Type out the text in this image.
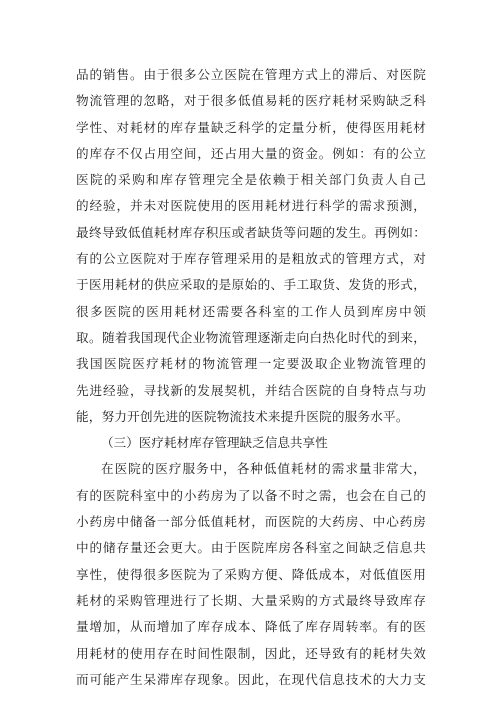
品的销售。由于很多公立医院在管理方式上的滞后、对医院
物流管理的忽略，对于很多低值易耗的医疗耗材采购缺乏科
学性、对耗材的库存量缺乏科学的定量分析，使得医用耗材
的库存不仅占用空间，还占用大量的资金。例如：有的公立
医院的采购和库存管理完全是依赖于相关部门负责人自己
的经验，并未对医院使用的医用耗材进行科学的需求预测，
最终导致低值耗材库存积压或者缺货等问题的发生。再例如：
有的公立医院对于库存管理采用的是粗放式的管理方式，对
于医用耗材的供应采取的是原始的、手工取货、发货的形式，
很多医院的医用耗材还需要各科室的工作人员到库房中领
取。随着我国现代企业物流管理逐渐走向白热化时代的到来，
我国医院医疗耗材的物流管理一定要汲取企业物流管理的
先进经验，寻找新的发展契机，并结合医院的自身特点与功
能，努力开创先进的医院物流技术来提升医院的服务水平。
（三）医疗耗材库存管理缺乏信息共享性
在医院的医疗服务中，各种低值耗材的需求量非常大，
有的医院科室中的小药房为了以备不时之需，也会在自己的
小药房中储备一部分低值耗材，而医院的大药房、中心药房
中的储存量还会更大。由于医院库房各科室之间缺乏信息共
享性，使得很多医院为了采购方便、降低成本，对低值医用
耗材的采购管理进行了长期、大量采购的方式最终导致库存
量增加，从而增加了库存成本、降低了库存周转率。有的医
用耗材的使用存在时间性限制，因此，还导致有的耗材失效
而可能产生呆滞库存现象。因此，在现代信息技术的大力支
